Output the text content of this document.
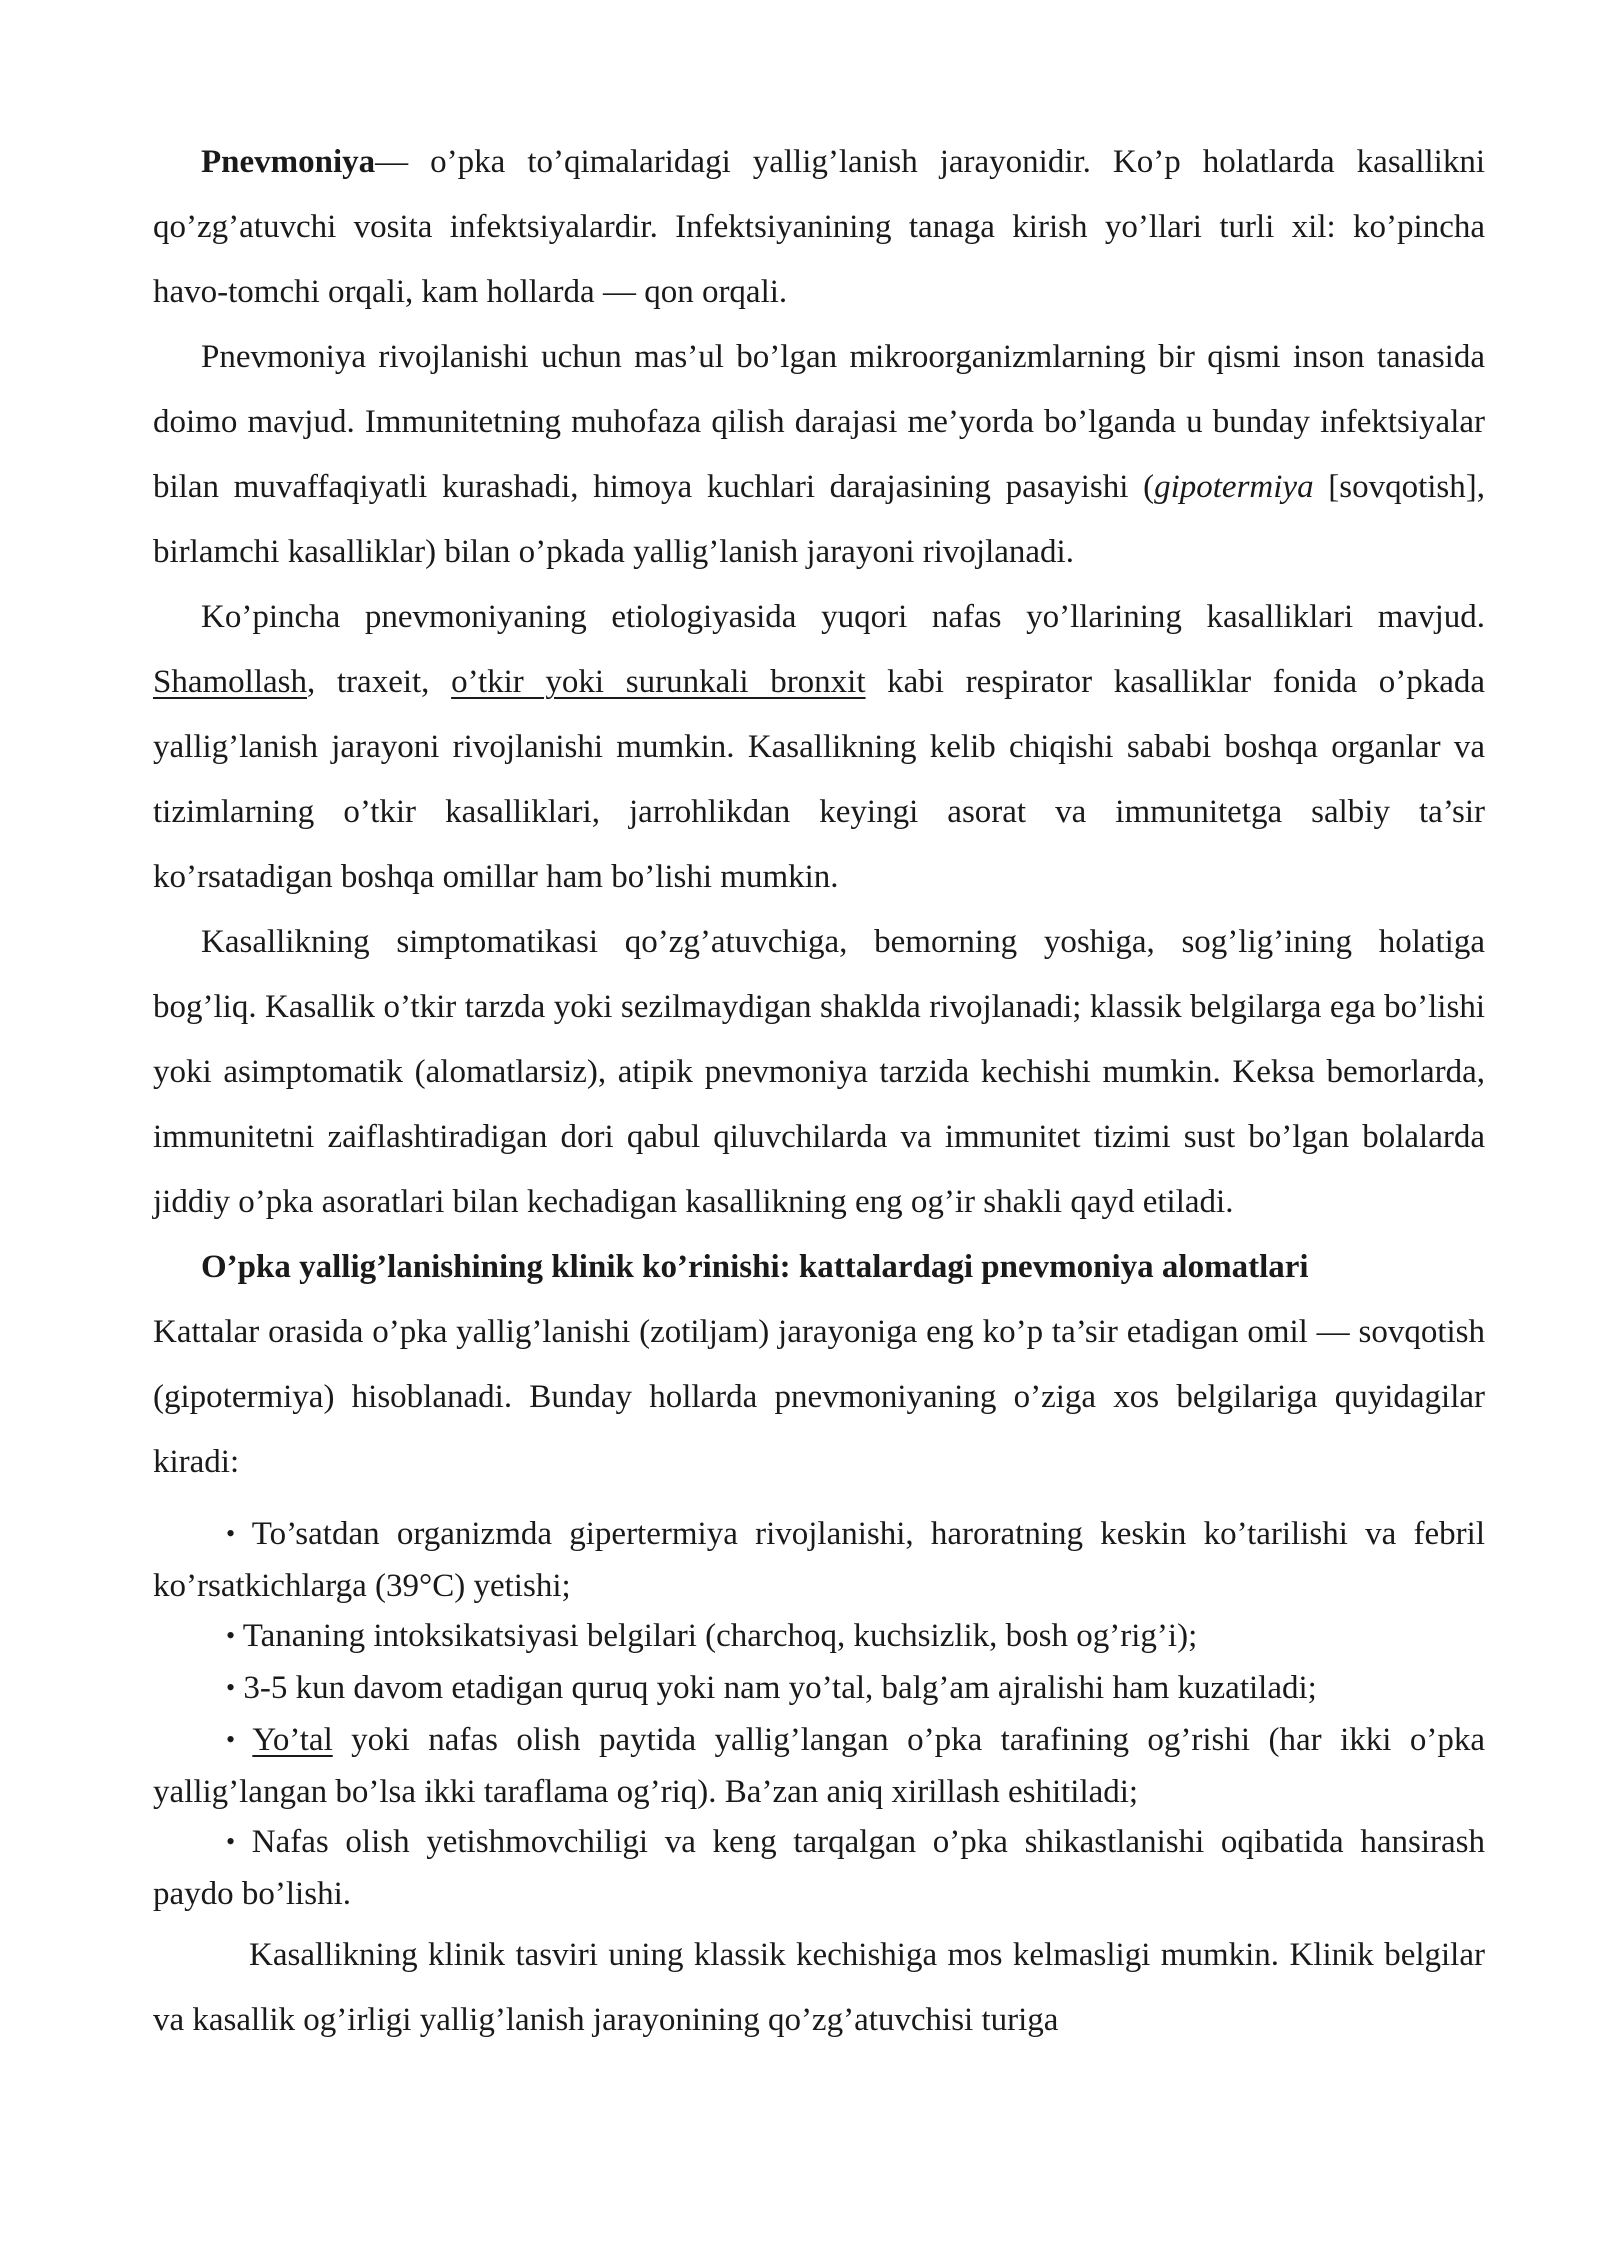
Pnevmoniya— o’pka to’qimalaridagi yallig’lanish jarayonidir. Ko’p holatlarda kasallikni qo’zg’atuvchi vosita infektsiyalardir. Infektsiyanining tanaga kirish yo’llari turli xil: ko’pincha havo-tomchi orqali, kam hollarda — qon orqali.

Pnevmoniya rivojlanishi uchun mas’ul bo’lgan mikroorganizmlarning bir qismi inson tanasida doimo mavjud. Immunitetning muhofaza qilish darajasi me’yorda bo’lganda u bunday infektsiyalar bilan muvaffaqiyatli kurashadi, himoya kuchlari darajasining pasayishi (gipotermiya [sovqotish], birlamchi kasalliklar) bilan o’pkada yallig’lanish jarayoni rivojlanadi.

Ko’pincha pnevmoniyaning etiologiyasida yuqori nafas yo’llarining kasalliklari mavjud. Shamollash, traxeit, o’tkir yoki surunkali bronxit kabi respirator kasalliklar fonida o’pkada yallig’lanish jarayoni rivojlanishi mumkin. Kasallikning kelib chiqishi sababi boshqa organlar va tizimlarning o’tkir kasalliklari, jarrohlikdan keyingi asorat va immunitetga salbiy ta’sir ko’rsatadigan boshqa omillar ham bo’lishi mumkin.

Kasallikning simptomatikasi qo’zg’atuvchiga, bemorning yoshiga, sog’lig’ining holatiga bog’liq. Kasallik o’tkir tarzda yoki sezilmaydigan shaklda rivojlanadi; klassik belgilarga ega bo’lishi yoki asimptomatik (alomatlarsiz), atipik pnevmoniya tarzida kechishi mumkin. Keksa bemorlarda, immunitetni zaiflashtiradigan dori qabul qiluvchilarda va immunitet tizimi sust bo’lgan bolalarda jiddiy o’pka asoratlari bilan kechadigan kasallikning eng og’ir shakli qayd etiladi.

O’pka yallig’lanishining klinik ko’rinishi: kattalardagi pnevmoniya alomatlari

Kattalar orasida o’pka yallig’lanishi (zotiljam) jarayoniga eng ko’p ta’sir etadigan omil — sovqotish (gipotermiya) hisoblanadi. Bunday hollarda pnevmoniyaning o’ziga xos belgilariga quyidagilar kiradi:

• To’satdan organizmda gipertermiya rivojlanishi, haroratning keskin ko’tarilishi va febril ko’rsatkichlarga (39°C) yetishi;

• Tananing intoksikatsiyasi belgilari (charchoq, kuchsizlik, bosh og’rig’i);

• 3-5 kun davom etadigan quruq yoki nam yo’tal, balg’am ajralishi ham kuzatiladi;

• Yo’tal yoki nafas olish paytida yallig’langan o’pka tarafining og’rishi (har ikki o’pka yallig’langan bo’lsa ikki taraflama og’riq). Ba’zan aniq xirillash eshitiladi;

• Nafas olish yetishmovchiligi va keng tarqalgan o’pka shikastlanishi oqibatida hansirash paydo bo’lishi.

Kasallikning klinik tasviri uning klassik kechishiga mos kelmasligi mumkin. Klinik belgilar va kasallik og’irligi yallig’lanish jarayonining qo’zg’atuvchisi turiga
